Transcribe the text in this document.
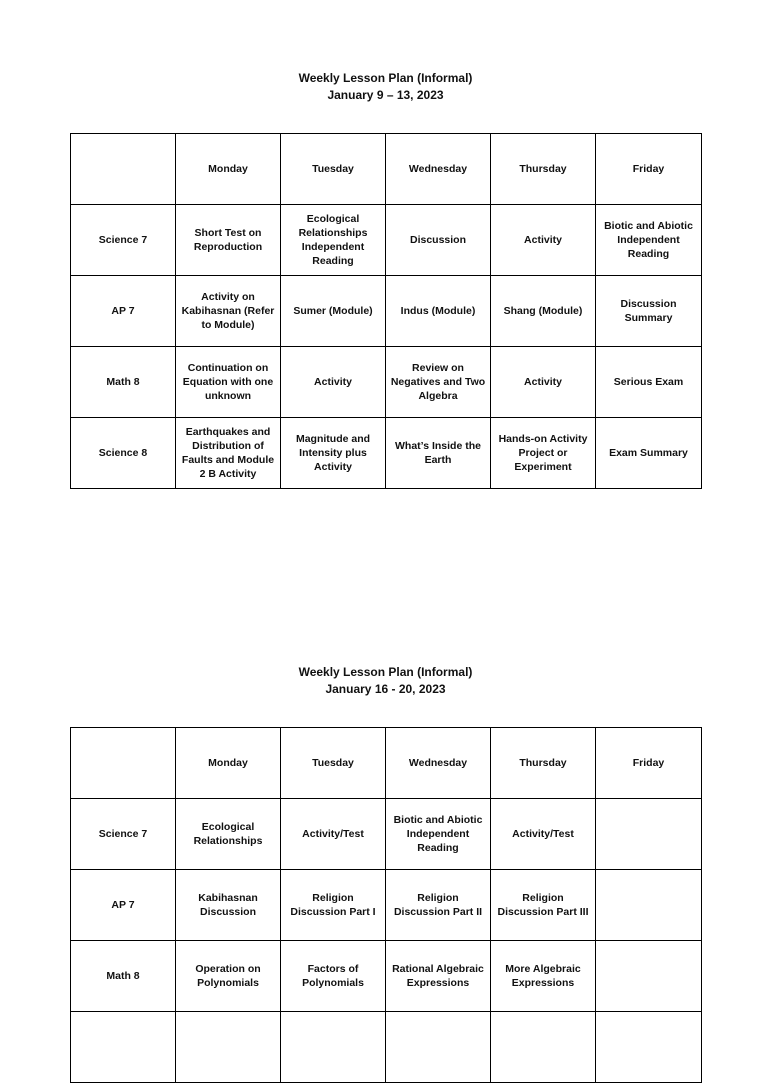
Weekly Lesson Plan (Informal)
January 9 – 13, 2023

	Monday	Tuesday	Wednesday	Thursday	Friday
Science 7	Short Test on Reproduction	Ecological Relationships Independent Reading	Discussion	Activity	Biotic and Abiotic Independent Reading
AP 7	Activity on Kabihasnan (Refer to Module)	Sumer (Module)	Indus (Module)	Shang (Module)	Discussion Summary
Math 8	Continuation on Equation with one unknown	Activity	Review on Negatives and Two Algebra	Activity	Serious Exam
Science 8	Earthquakes and Distribution of Faults and Module 2 B Activity	Magnitude and Intensity plus Activity	What’s Inside the Earth	Hands-on Activity Project or Experiment	Exam Summary

Weekly Lesson Plan (Informal)
January 16 - 20, 2023

	Monday	Tuesday	Wednesday	Thursday	Friday
Science 7	Ecological Relationships	Activity/Test	Biotic and Abiotic Independent Reading	Activity/Test	
AP 7	Kabihasnan Discussion	Religion Discussion Part I	Religion Discussion Part II	Religion Discussion Part III	
Math 8	Operation on Polynomials	Factors of Polynomials	Rational Algebraic Expressions	More Algebraic Expressions	
